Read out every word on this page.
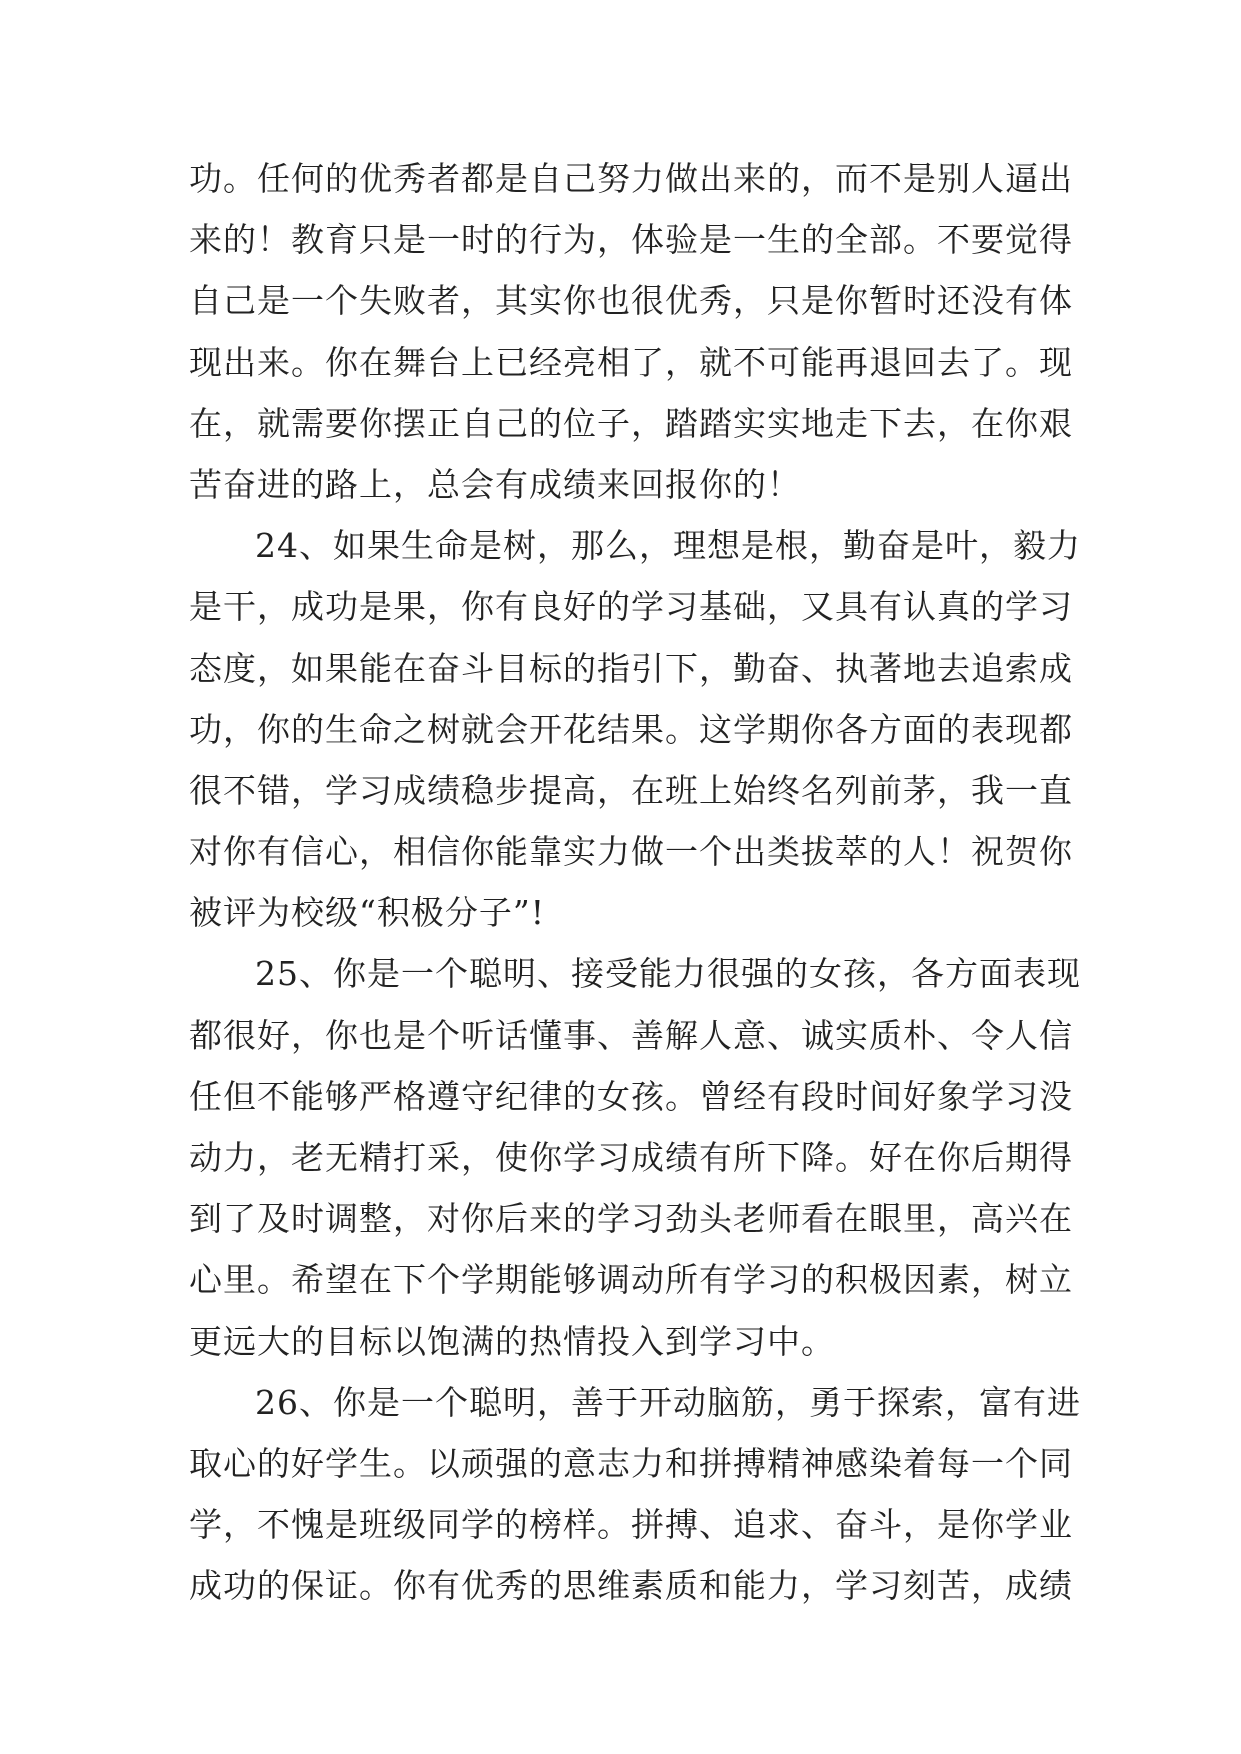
功。任何的优秀者都是自己努力做出来的，而不是别人逼出
来的！教育只是一时的行为，体验是一生的全部。不要觉得
自己是一个失败者，其实你也很优秀，只是你暂时还没有体
现出来。你在舞台上已经亮相了，就不可能再退回去了。现
在，就需要你摆正自己的位子，踏踏实实地走下去，在你艰
苦奋进的路上，总会有成绩来回报你的！
24、如果生命是树，那么，理想是根，勤奋是叶，毅力
是干，成功是果，你有良好的学习基础，又具有认真的学习
态度，如果能在奋斗目标的指引下，勤奋、执著地去追索成
功，你的生命之树就会开花结果。这学期你各方面的表现都
很不错，学习成绩稳步提高，在班上始终名列前茅，我一直
对你有信心，相信你能靠实力做一个出类拔萃的人！祝贺你
被评为校级“积极分子”!
25、你是一个聪明、接受能力很强的女孩，各方面表现
都很好，你也是个听话懂事、善解人意、诚实质朴、令人信
任但不能够严格遵守纪律的女孩。曾经有段时间好象学习没
动力，老无精打采，使你学习成绩有所下降。好在你后期得
到了及时调整，对你后来的学习劲头老师看在眼里，高兴在
心里。希望在下个学期能够调动所有学习的积极因素，树立
更远大的目标以饱满的热情投入到学习中。
26、你是一个聪明，善于开动脑筋，勇于探索，富有进
取心的好学生。以顽强的意志力和拼搏精神感染着每一个同
学，不愧是班级同学的榜样。拼搏、追求、奋斗，是你学业
成功的保证。你有优秀的思维素质和能力，学习刻苦，成绩
